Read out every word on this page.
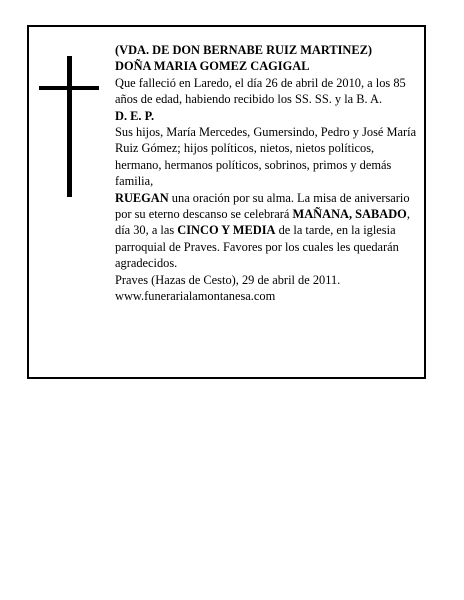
(VDA. DE DON BERNABE RUIZ MARTINEZ)

DOÑA MARIA GOMEZ CAGIGAL

Que falleció en Laredo, el día 26 de abril de 2010, a los 85 años de edad, habiendo recibido los SS. SS. y la B. A.

D. E. P.

Sus hijos, María Mercedes, Gumersindo, Pedro y José María Ruiz Gómez; hijos políticos, nietos, nietos políticos, hermano, hermanos políticos, sobrinos, primos y demás familia,

RUEGAN una oración por su alma. La misa de aniversario por su eterno descanso se celebrará MAÑANA, SABADO, día 30, a las CINCO Y MEDIA de la tarde, en la iglesia parroquial de Praves. Favores por los cuales les quedarán agradecidos.

Praves (Hazas de Cesto), 29 de abril de 2011.

www.funerarialamontanesa.com
